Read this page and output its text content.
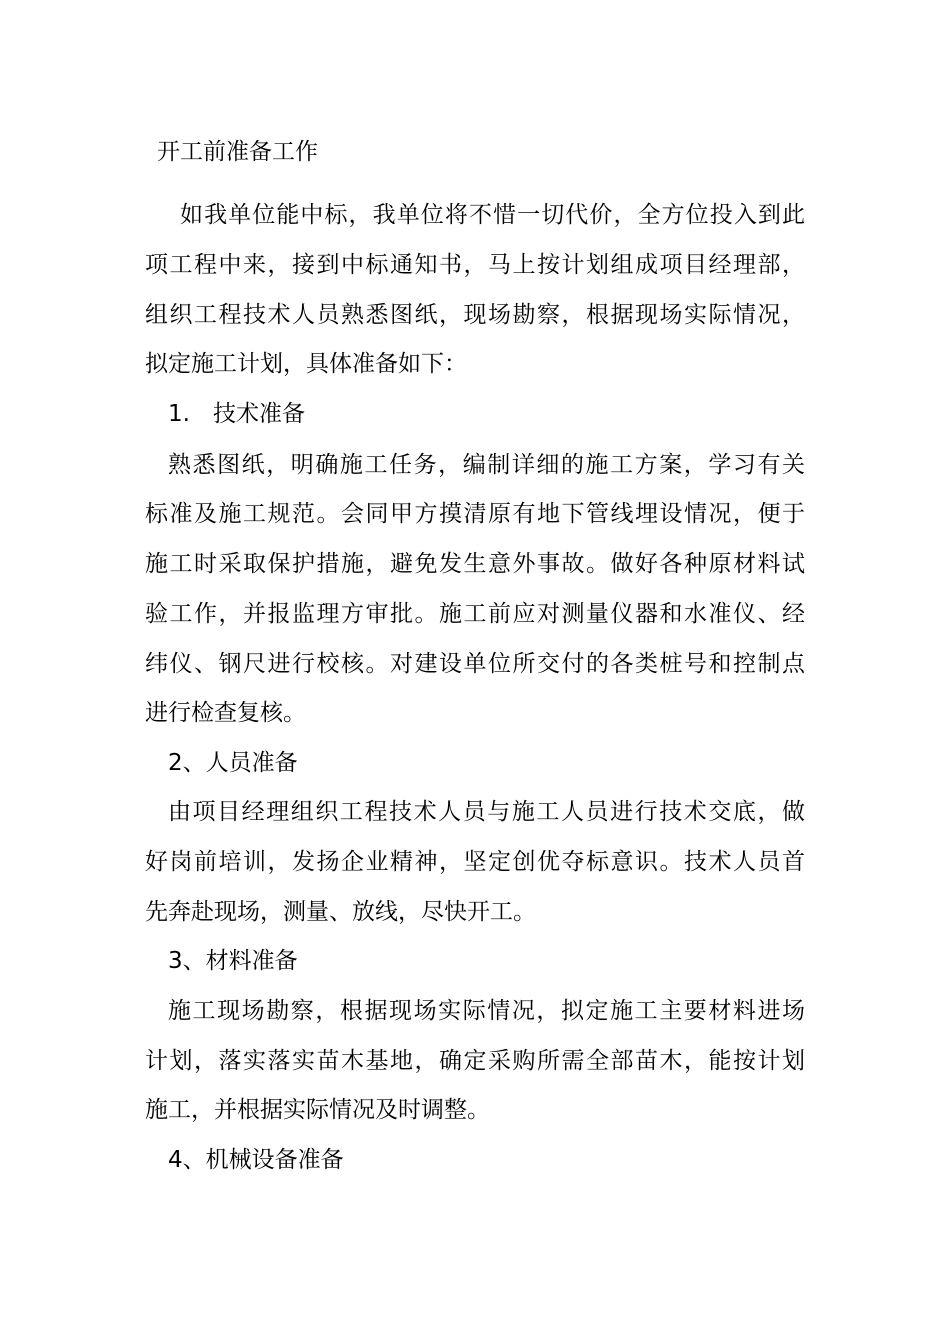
开工前准备工作
如我单位能中标，我单位将不惜一切代价，全方位投入到此
项工程中来，接到中标通知书，马上按计划组成项目经理部，
组织工程技术人员熟悉图纸，现场勘察，根据现场实际情况，
拟定施工计划，具体准备如下：
1.　技术准备
熟悉图纸，明确施工任务，编制详细的施工方案，学习有关
标准及施工规范。会同甲方摸清原有地下管线埋设情况，便于
施工时采取保护措施，避免发生意外事故。做好各种原材料试
验工作，并报监理方审批。施工前应对测量仪器和水准仪、经
纬仪、钢尺进行校核。对建设单位所交付的各类桩号和控制点
进行检查复核。
2、人员准备
由项目经理组织工程技术人员与施工人员进行技术交底，做
好岗前培训，发扬企业精神，坚定创优夺标意识。技术人员首
先奔赴现场，测量、放线，尽快开工。
3、材料准备
施工现场勘察，根据现场实际情况，拟定施工主要材料进场
计划，落实落实苗木基地，确定采购所需全部苗木，能按计划
施工，并根据实际情况及时调整。
4、机械设备准备
